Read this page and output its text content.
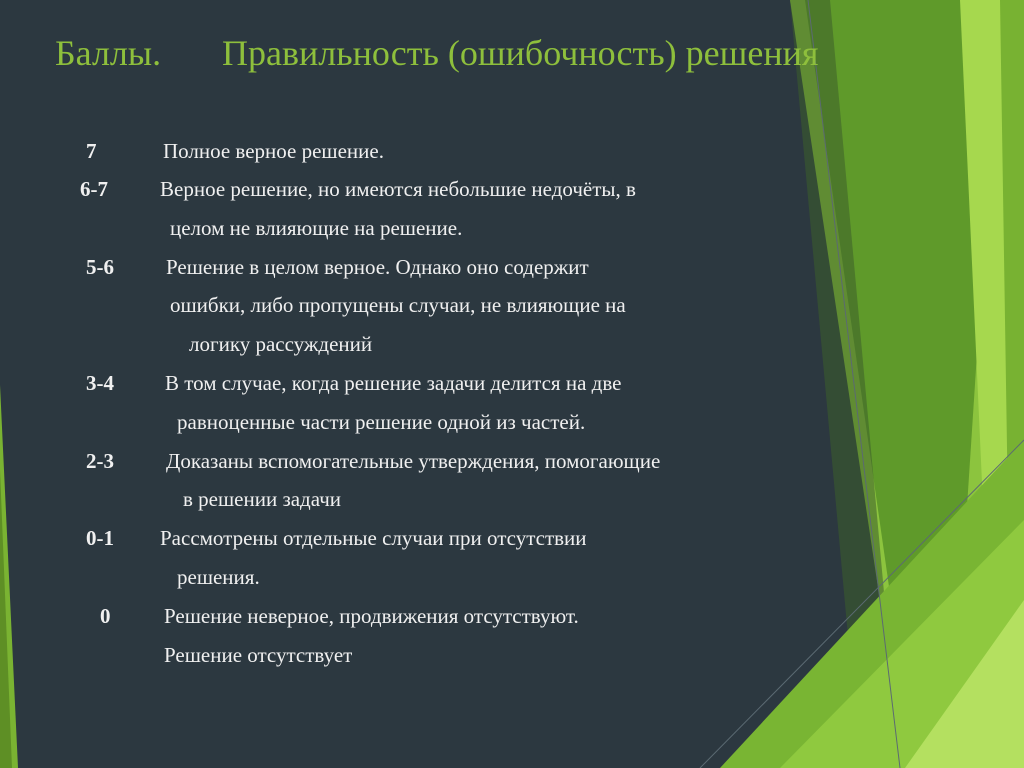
Баллы. Правильность (ошибочность) решения
7	Полное верное решение.
6-7 Верное решение, но имеются небольшие недочёты, в
целом не влияющие на решение.
5-6 Решение в целом верное. Однако оно содержит
ошибки, либо пропущены случаи, не влияющие на
логику рассуждений
3-4 В том случае, когда решение задачи делится на две
равноценные части решение одной из частей.
2-3 Доказаны вспомогательные утверждения, помогающие
в решении задачи
0-1 Рассмотрены отдельные случаи при отсутствии
решения.
0	Решение неверное, продвижения отсутствуют.
Решение отсутствует
